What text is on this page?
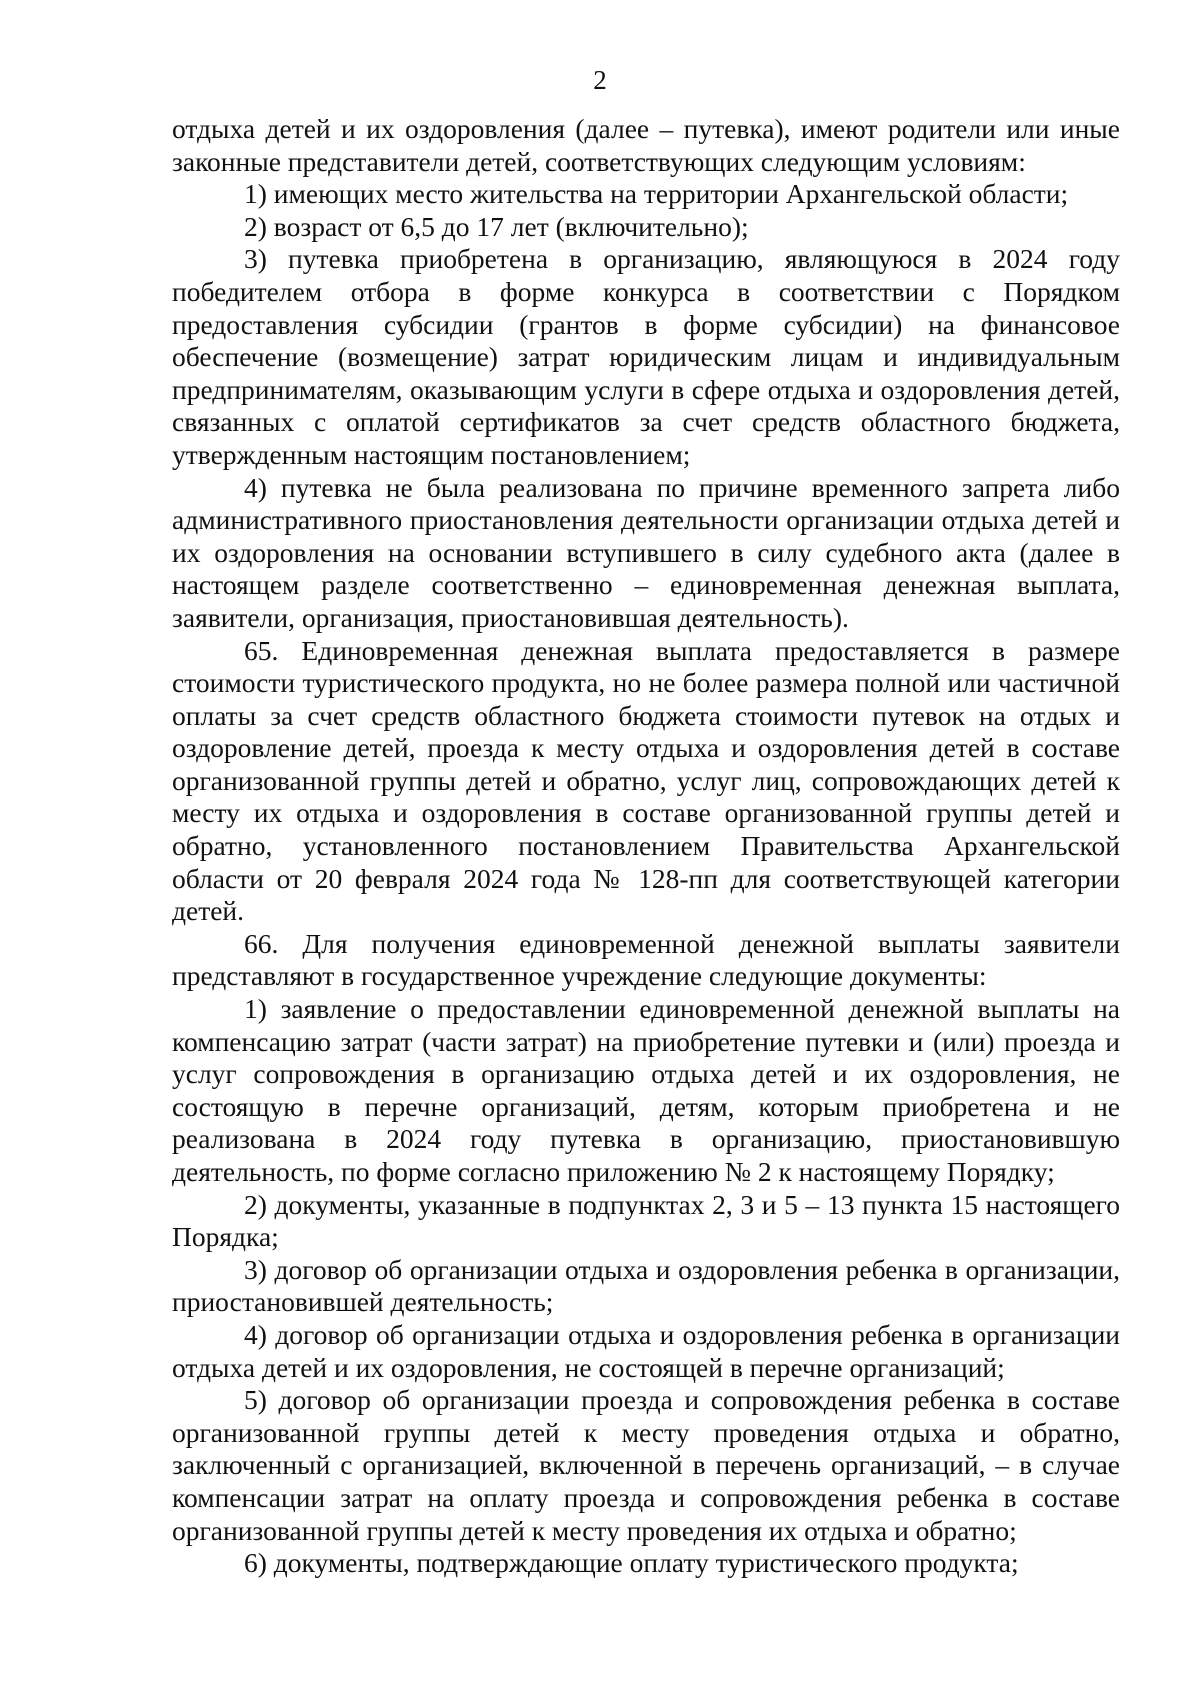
2

отдыха детей и их оздоровления (далее – путевка), имеют родители или иные законные представители детей, соответствующих следующим условиям:

1) имеющих место жительства на территории Архангельской области;

2) возраст от 6,5 до 17 лет (включительно);

3) путевка приобретена в организацию, являющуюся в 2024 году победителем отбора в форме конкурса в соответствии с Порядком предоставления субсидии (грантов в форме субсидии) на финансовое обеспечение (возмещение) затрат юридическим лицам и индивидуальным предпринимателям, оказывающим услуги в сфере отдыха и оздоровления детей, связанных с оплатой сертификатов за счет средств областного бюджета, утвержденным настоящим постановлением;

4) путевка не была реализована по причине временного запрета либо административного приостановления деятельности организации отдыха детей и их оздоровления на основании вступившего в силу судебного акта (далее в настоящем разделе соответственно – единовременная денежная выплата, заявители, организация, приостановившая деятельность).

65. Единовременная денежная выплата предоставляется в размере стоимости туристического продукта, но не более размера полной или частичной оплаты за счет средств областного бюджета стоимости путевок на отдых и оздоровление детей, проезда к месту отдыха и оздоровления детей в составе организованной группы детей и обратно, услуг лиц, сопровождающих детей к месту их отдыха и оздоровления в составе организованной группы детей и обратно, установленного постановлением Правительства Архангельской области от 20 февраля 2024 года № 128-пп для соответствующей категории детей.

66. Для получения единовременной денежной выплаты заявители представляют в государственное учреждение следующие документы:

1) заявление о предоставлении единовременной денежной выплаты на компенсацию затрат (части затрат) на приобретение путевки и (или) проезда и услуг сопровождения в организацию отдыха детей и их оздоровления, не состоящую в перечне организаций, детям, которым приобретена и не реализована в 2024 году путевка в организацию, приостановившую деятельность, по форме согласно приложению № 2 к настоящему Порядку;

2) документы, указанные в подпунктах 2, 3 и 5 – 13 пункта 15 настоящего Порядка;

3) договор об организации отдыха и оздоровления ребенка в организации, приостановившей деятельность;

4) договор об организации отдыха и оздоровления ребенка в организации отдыха детей и их оздоровления, не состоящей в перечне организаций;

5) договор об организации проезда и сопровождения ребенка в составе организованной группы детей к месту проведения отдыха и обратно, заключенный с организацией, включенной в перечень организаций, – в случае компенсации затрат на оплату проезда и сопровождения ребенка в составе организованной группы детей к месту проведения их отдыха и обратно;

6) документы, подтверждающие оплату туристического продукта;
